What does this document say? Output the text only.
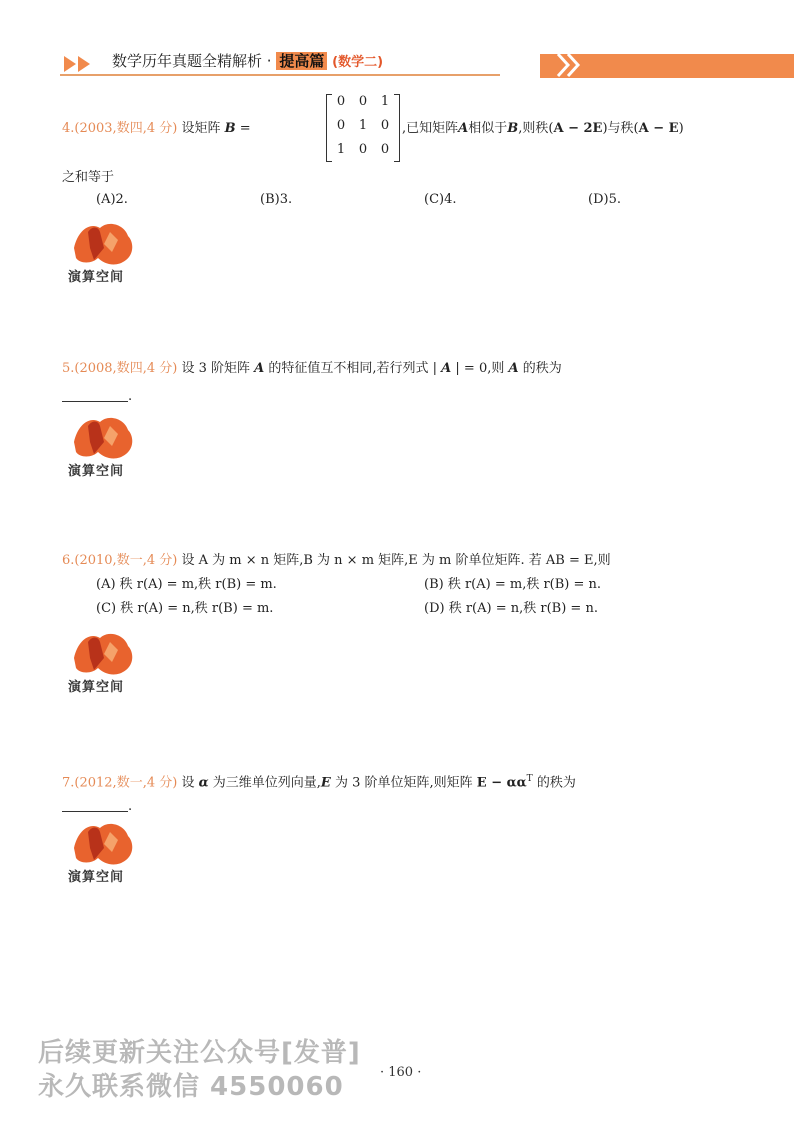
数学历年真题全精解析 · 提高篇 (数学二)
4.(2003,数四,4 分) 设矩阵 B =
0	0	1
0	1	0
1	0	0
,已知矩阵A相似于B,则秩(A − 2E)与秩(A − E)
之和等于
(A)2.	(B)3.	(C)4.	(D)5.
演算空间
5.(2008,数四,4 分) 设 3 阶矩阵 A 的特征值互不相同,若行列式 | A | = 0,则 A 的秩为
.
演算空间
6.(2010,数一,4 分) 设 A 为 m × n 矩阵,B 为 n × m 矩阵,E 为 m 阶单位矩阵. 若 AB = E,则
(A) 秩 r(A) = m,秩 r(B) = m.	(B) 秩 r(A) = m,秩 r(B) = n.
(C) 秩 r(A) = n,秩 r(B) = m.	(D) 秩 r(A) = n,秩 r(B) = n.
演算空间
7.(2012,数一,4 分) 设 α 为三维单位列向量,E 为 3 阶单位矩阵,则矩阵 $E - \alpha\alpha^T$ 的秩为
.
演算空间
后续更新关注公众号[发普]
永久联系微信 4550060	· 160 ·
